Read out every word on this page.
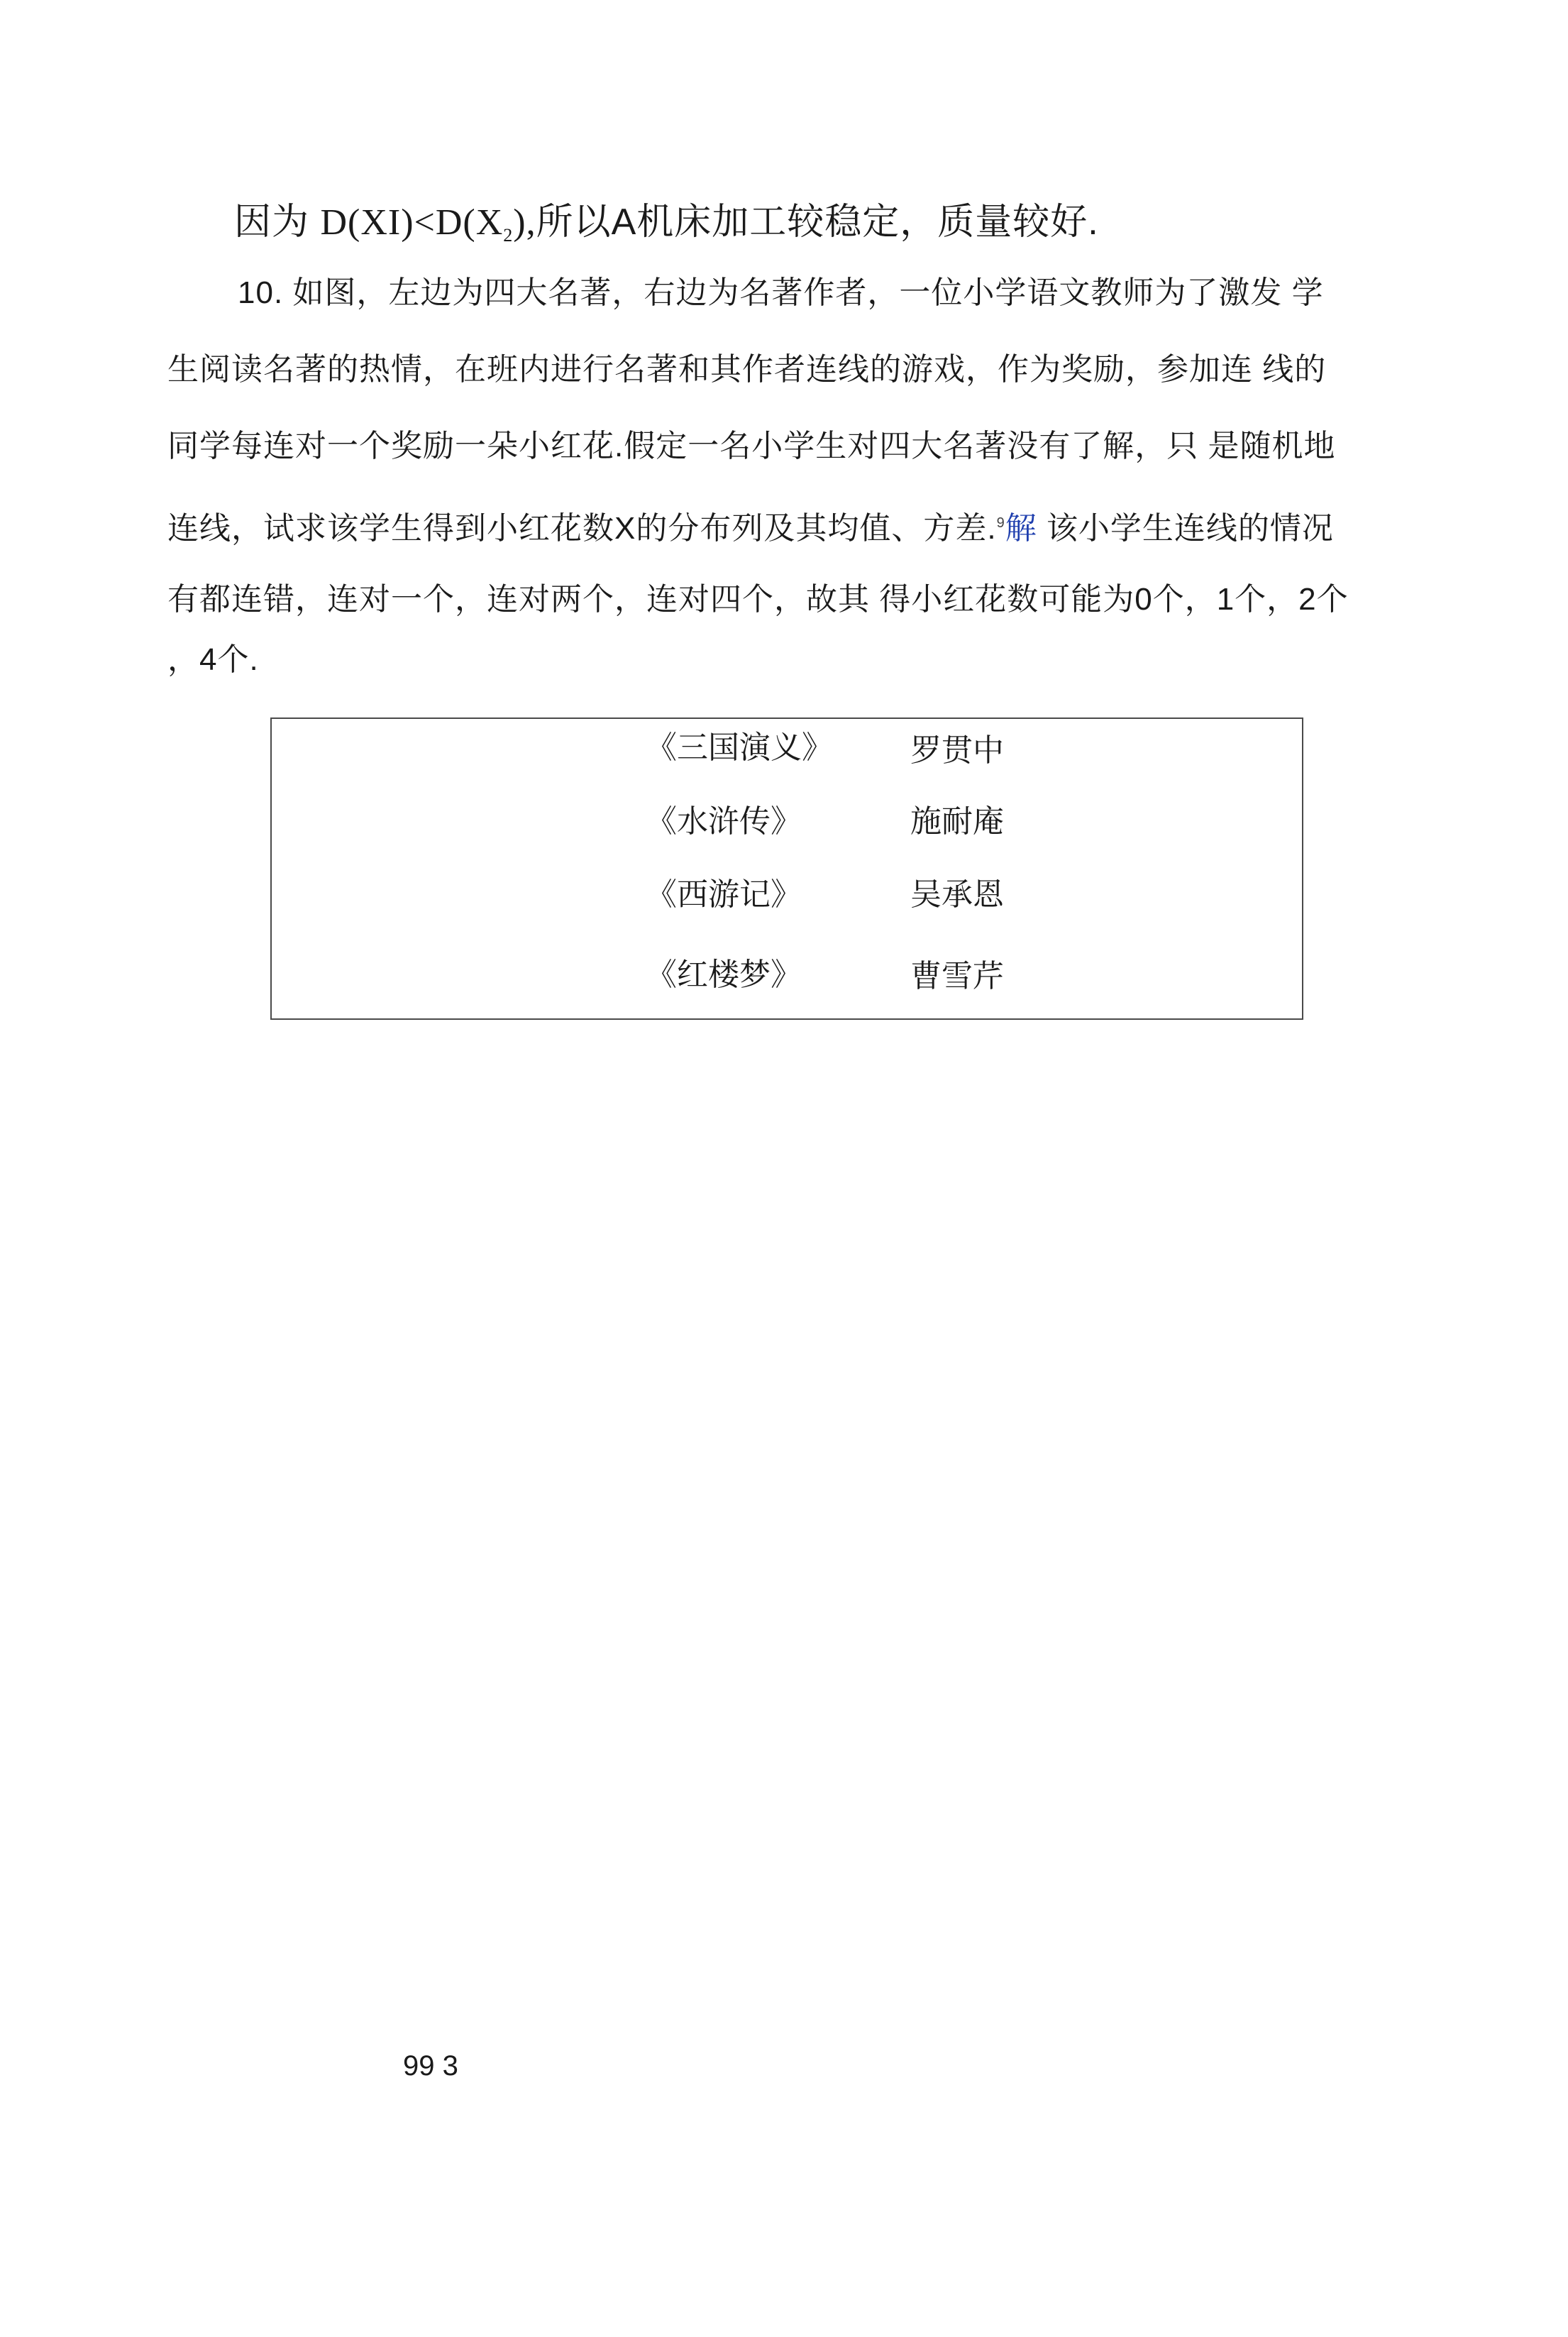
因为 $D(XI)<D(X_2)$,所以A机床加工较稳定，质量较好.
10. 如图，左边为四大名著，右边为名著作者，一位小学语文教师为了激发 学
生阅读名著的热情，在班内进行名著和其作者连线的游戏，作为奖励，参加连 线的
同学每连对一个奖励一朵小红花.假定一名小学生对四大名著没有了解，只 是随机地
连线，试求该学生得到小红花数X的分布列及其均值、方差.$^9$解 该小学生连线的情况
有都连错，连对一个，连对两个，连对四个，故其 得小红花数可能为0个，1个，2个
，4个.
《三国演义》 罗贯中
《水浒传》	施耐庵
《西游记》	吴承恩
《红楼梦》	曹雪芹
99 3
